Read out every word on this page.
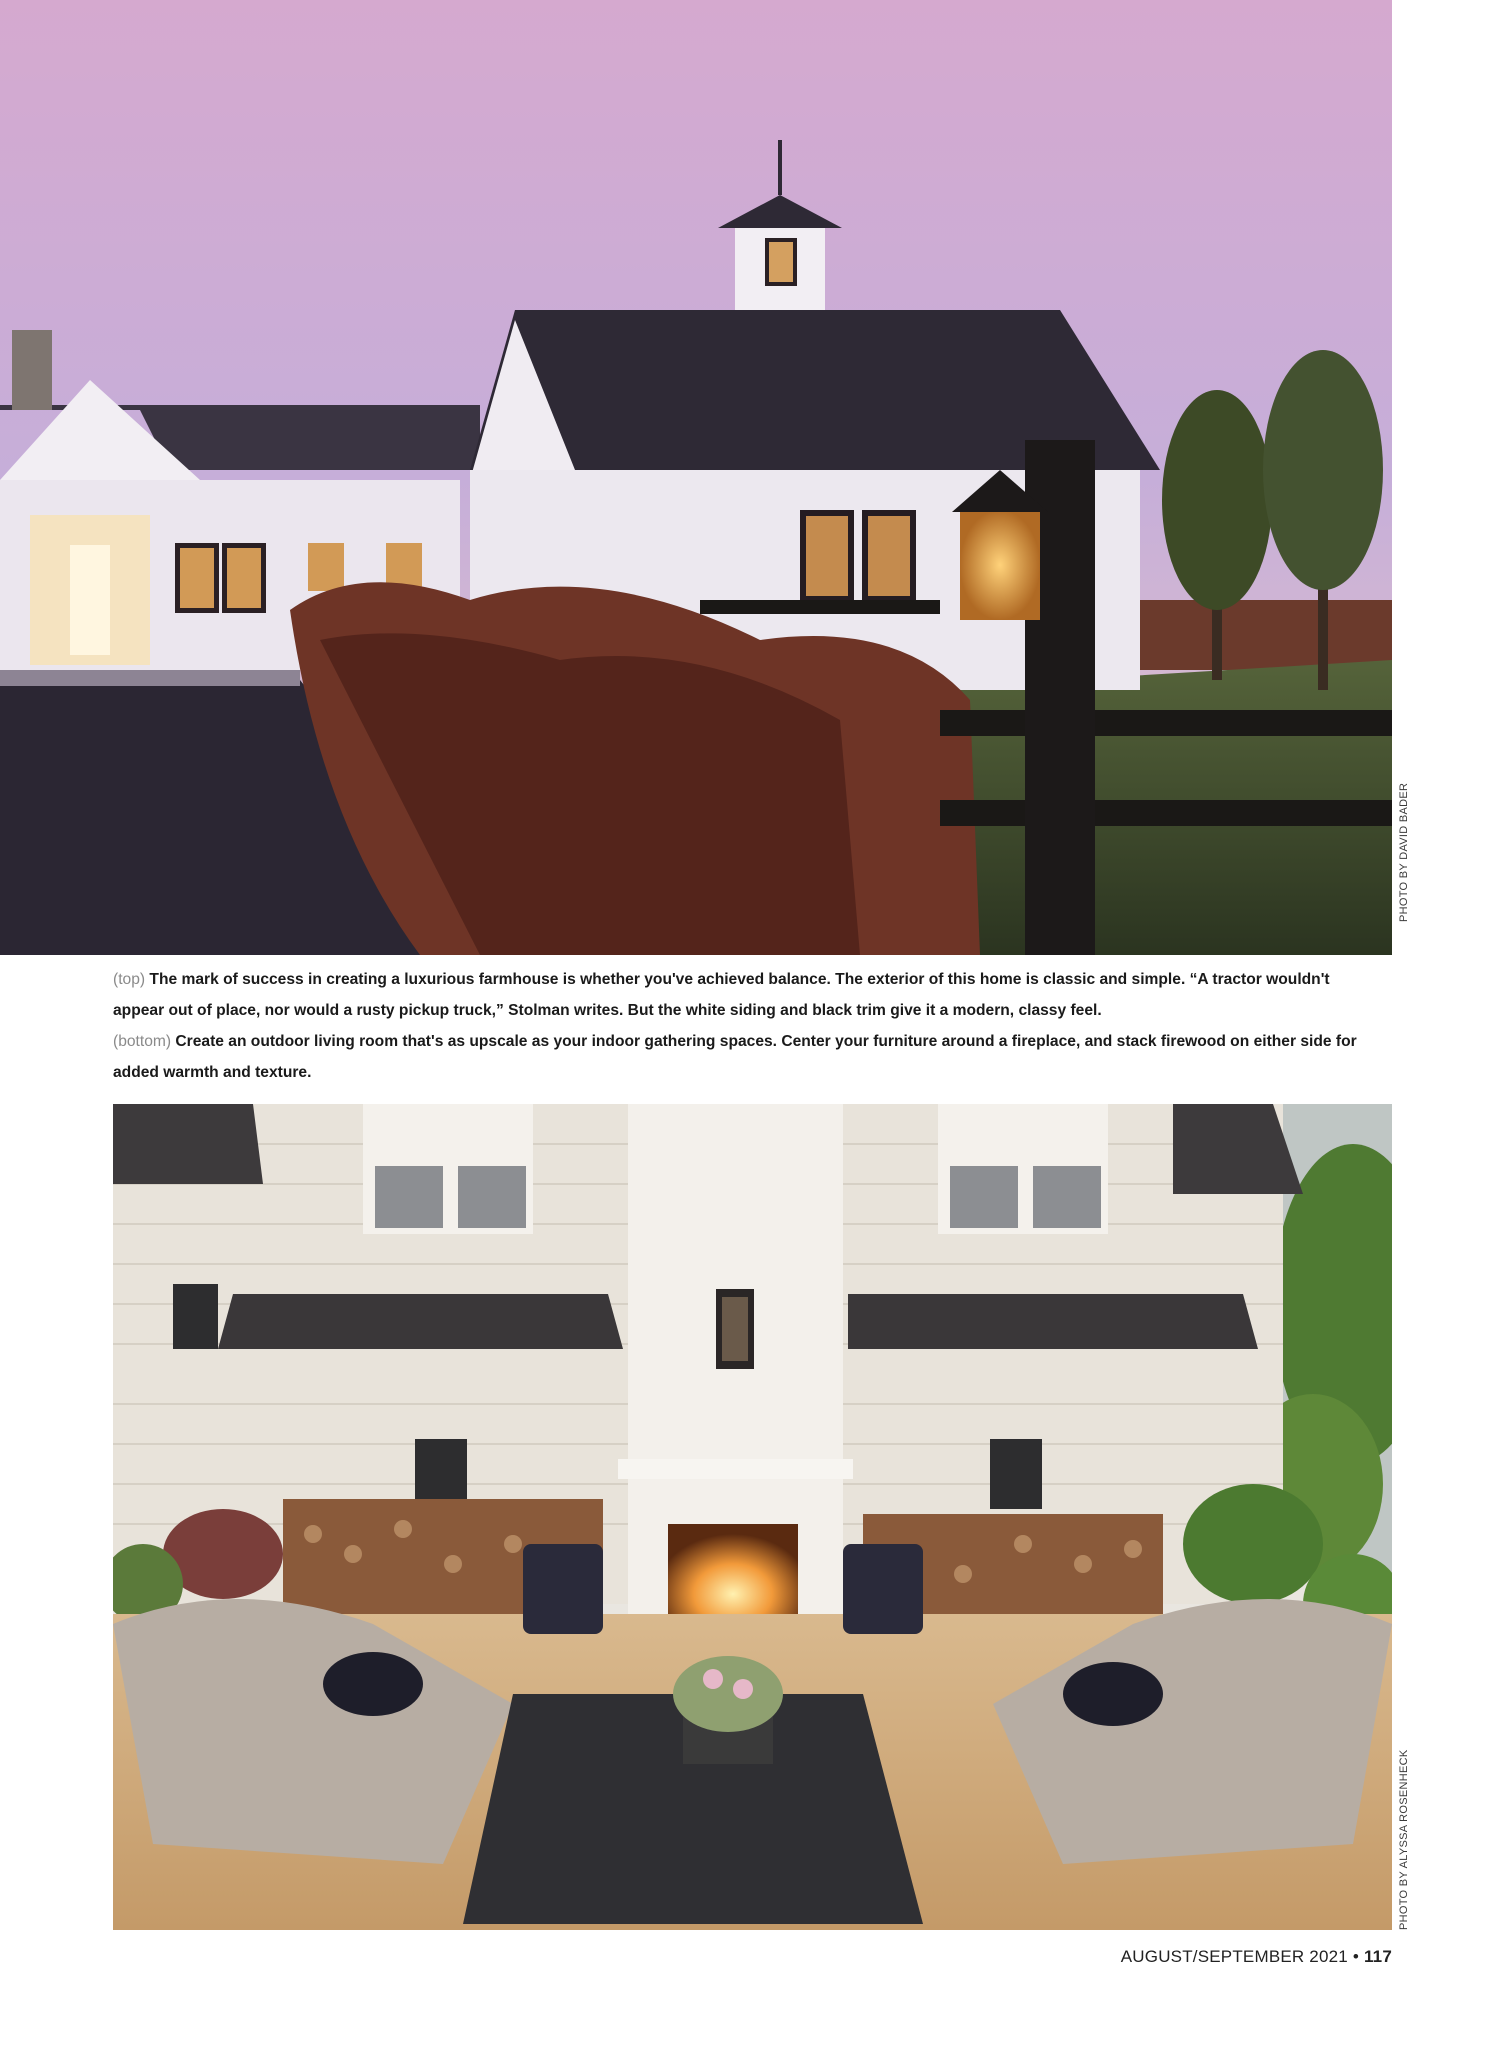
PHOTO BY DAVID BADER

(top) The mark of success in creating a luxurious farmhouse is whether you've achieved balance. The exterior of this home is classic and simple. “A tractor wouldn't appear out of place, nor would a rusty pickup truck,” Stolman writes. But the white siding and black trim give it a modern, classy feel.

(bottom) Create an outdoor living room that's as upscale as your indoor gathering spaces. Center your furniture around a fireplace, and stack firewood on either side for added warmth and texture.

PHOTO BY ALYSSA ROSENHECK
AUGUST/SEPTEMBER 2021 • 117
